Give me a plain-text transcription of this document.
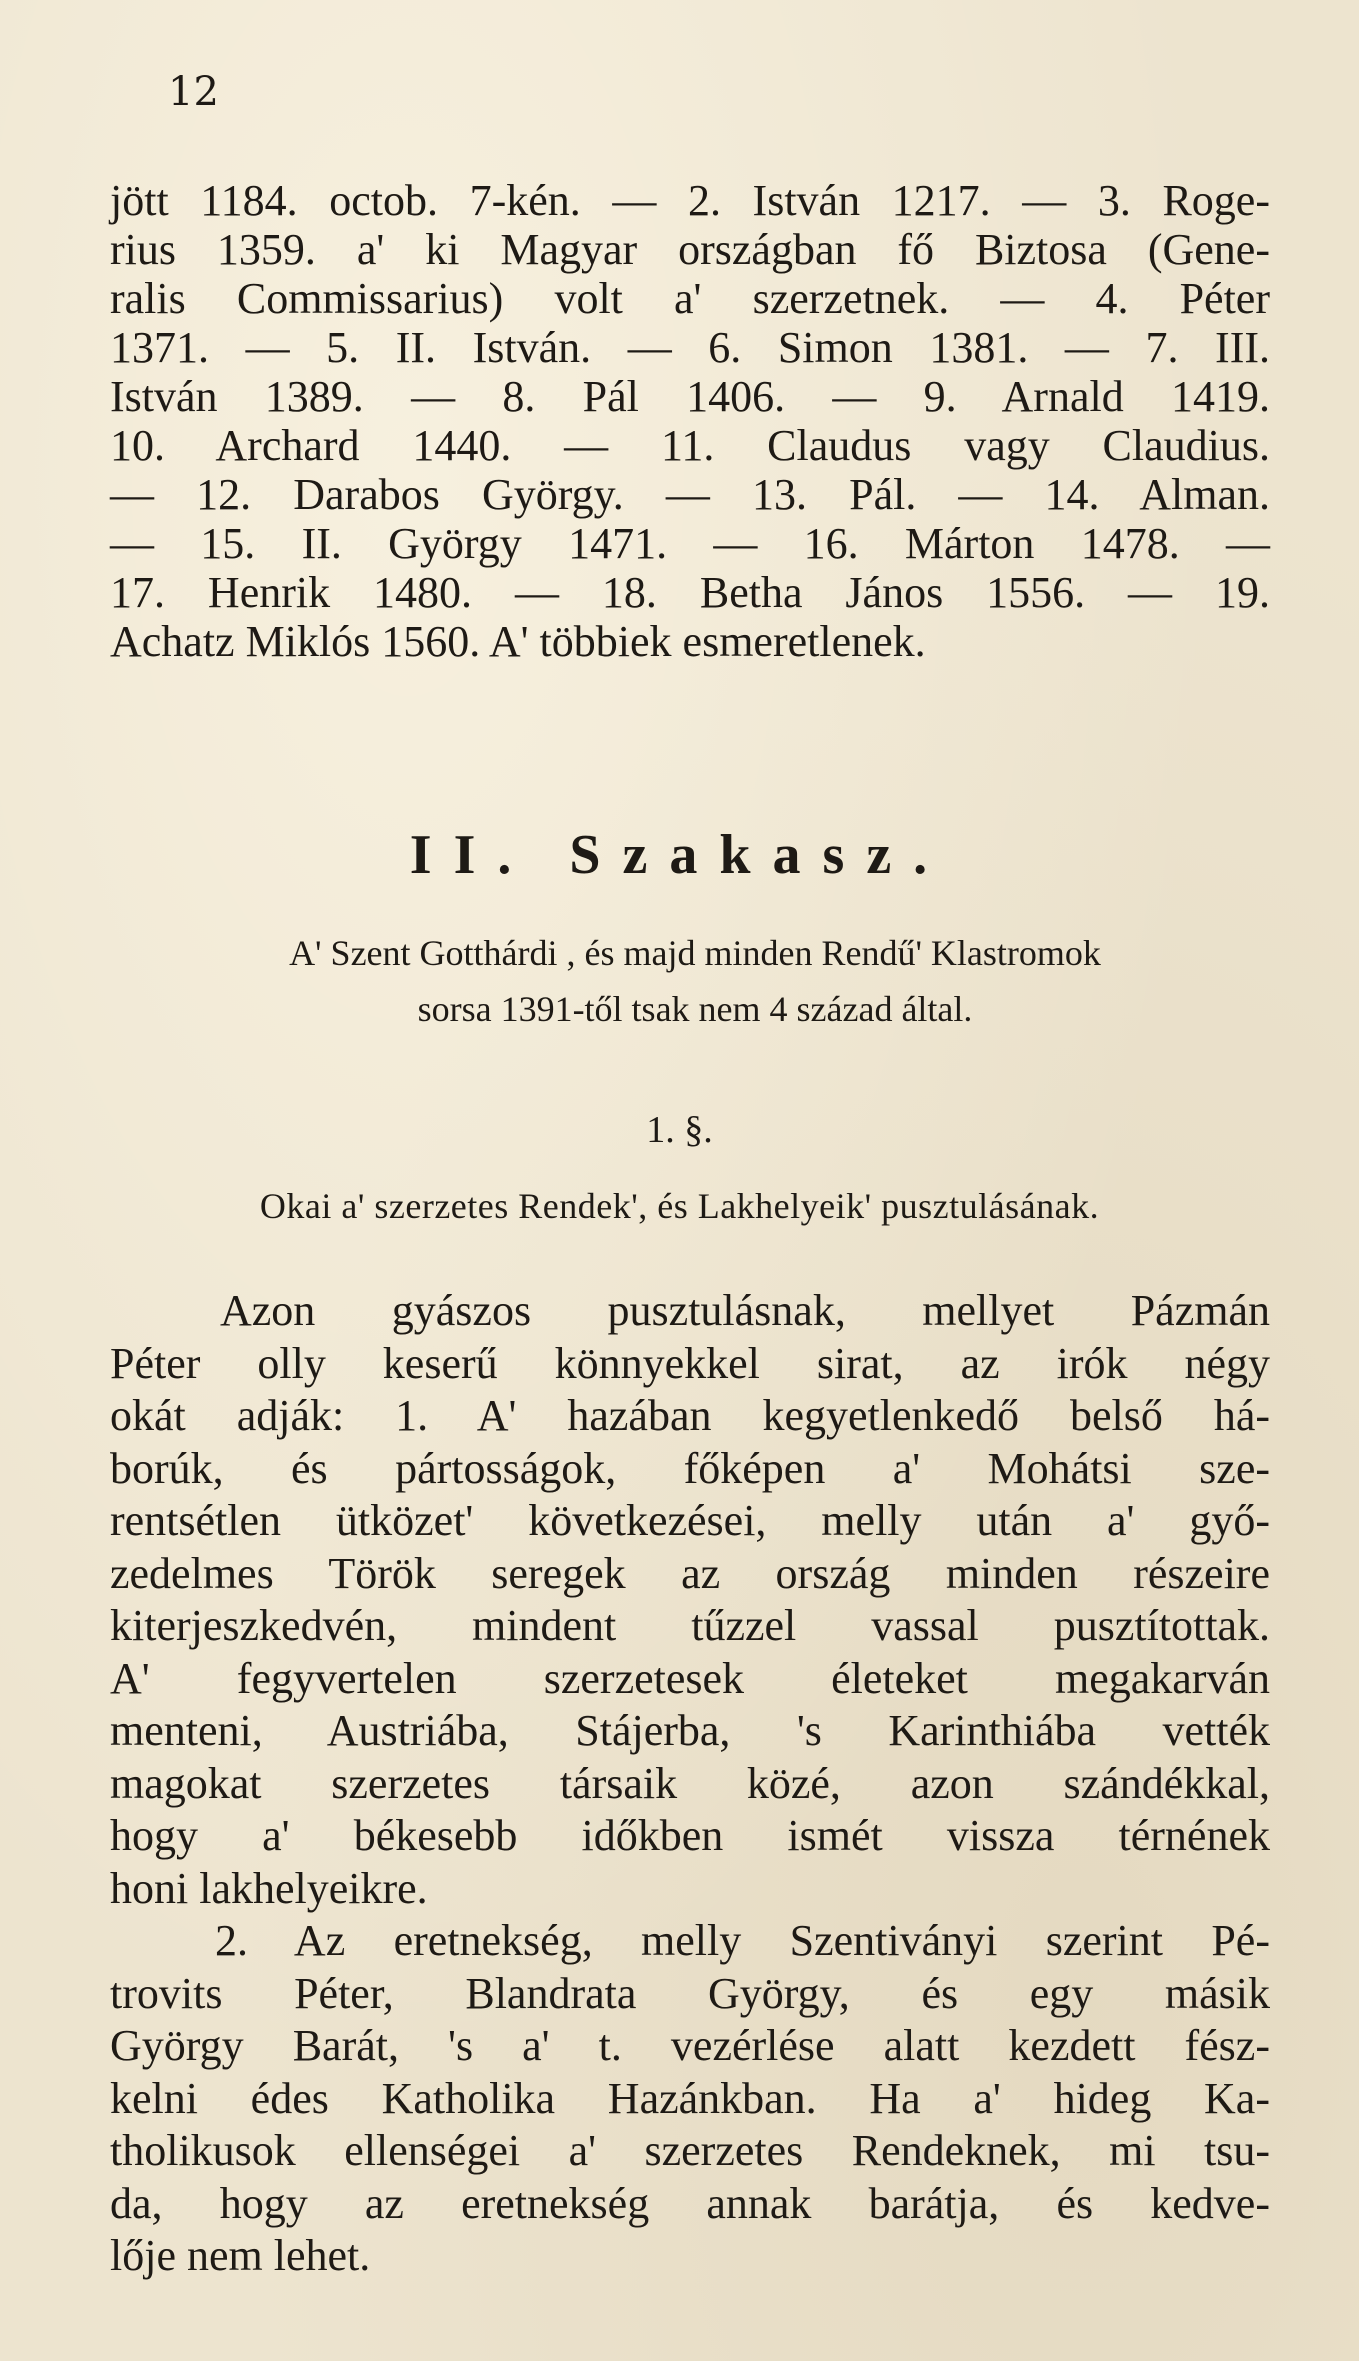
12
jött 1184. octob. 7-kén. — 2. István 1217. — 3. Roge-
rius 1359. a' ki Magyar országban fő Biztosa (Gene-
ralis Commissarius) volt a' szerzetnek. — 4. Péter
1371. — 5. II. István. — 6. Simon 1381. — 7. III.
István 1389. — 8. Pál 1406. — 9. Arnald 1419.
10. Archard 1440. — 11. Claudus vagy Claudius.
— 12. Darabos György. — 13. Pál. — 14. Alman.
— 15. II. György 1471. — 16. Márton 1478. —
17. Henrik 1480. — 18. Betha János 1556. — 19.
Achatz Miklós 1560. A' többiek esmeretlenek.
II. Szakasz.
A' Szent Gotthárdi , és majd minden Rendű' Klastromok
sorsa 1391-től tsak nem 4 század által.
1. §.
Okai a' szerzetes Rendek', és Lakhelyeik' pusztulásának.
Azon gyászos pusztulásnak, mellyet Pázmán
Péter olly keserű könnyekkel sirat, az irók négy
okát adják: 1. A' hazában kegyetlenkedő belső há-
borúk, és pártosságok, főképen a' Mohátsi sze-
rentsétlen ütközet' következései, melly után a' győ-
zedelmes Török seregek az ország minden részeire
kiterjeszkedvén, mindent tűzzel vassal pusztítottak.
A' fegyvertelen szerzetesek életeket megakarván
menteni, Austriába, Stájerba, 's Karinthiába vették
magokat szerzetes társaik közé, azon szándékkal,
hogy a' békesebb időkben ismét vissza térnének
honi lakhelyeikre.
2. Az eretnekség, melly Szentiványi szerint Pé-
trovits Péter, Blandrata György, és egy másik
György Barát, 's a' t. vezérlése alatt kezdett fész-
kelni édes Katholika Hazánkban. Ha a' hideg Ka-
tholikusok ellenségei a' szerzetes Rendeknek, mi tsu-
da, hogy az eretnekség annak barátja, és kedve-
lője nem lehet.
